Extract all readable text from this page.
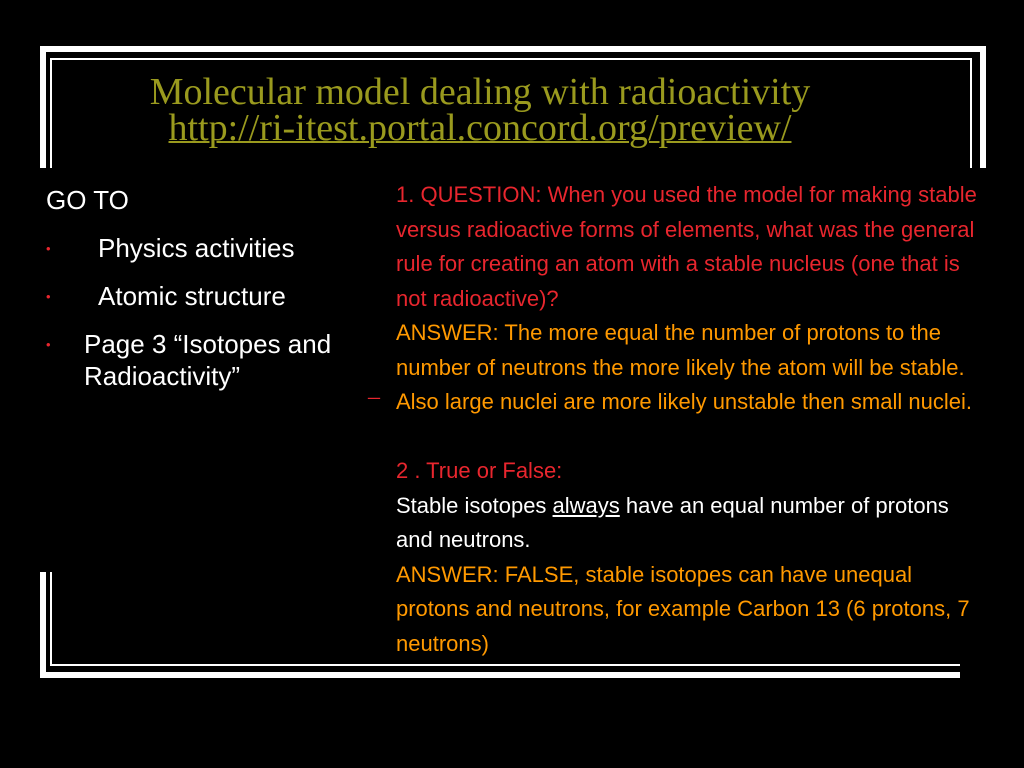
Molecular model dealing with radioactivity
http://ri-itest.portal.concord.org/preview/
GO TO
• Physics activities
• Atomic structure
• Page 3 “Isotopes and Radioactivity”
–
1. QUESTION: When you used the model for making stable versus radioactive forms of elements, what was the general rule for creating an atom with a stable nucleus (one that is not radioactive)?
ANSWER: The more equal the number of protons to the number of neutrons the more likely the atom will be stable. Also large nuclei are more likely unstable then small nuclei.
2 . True or False:
Stable isotopes always have an equal number of protons and neutrons.
ANSWER: FALSE, stable isotopes can have unequal protons and neutrons, for example Carbon 13 (6 protons, 7 neutrons)
